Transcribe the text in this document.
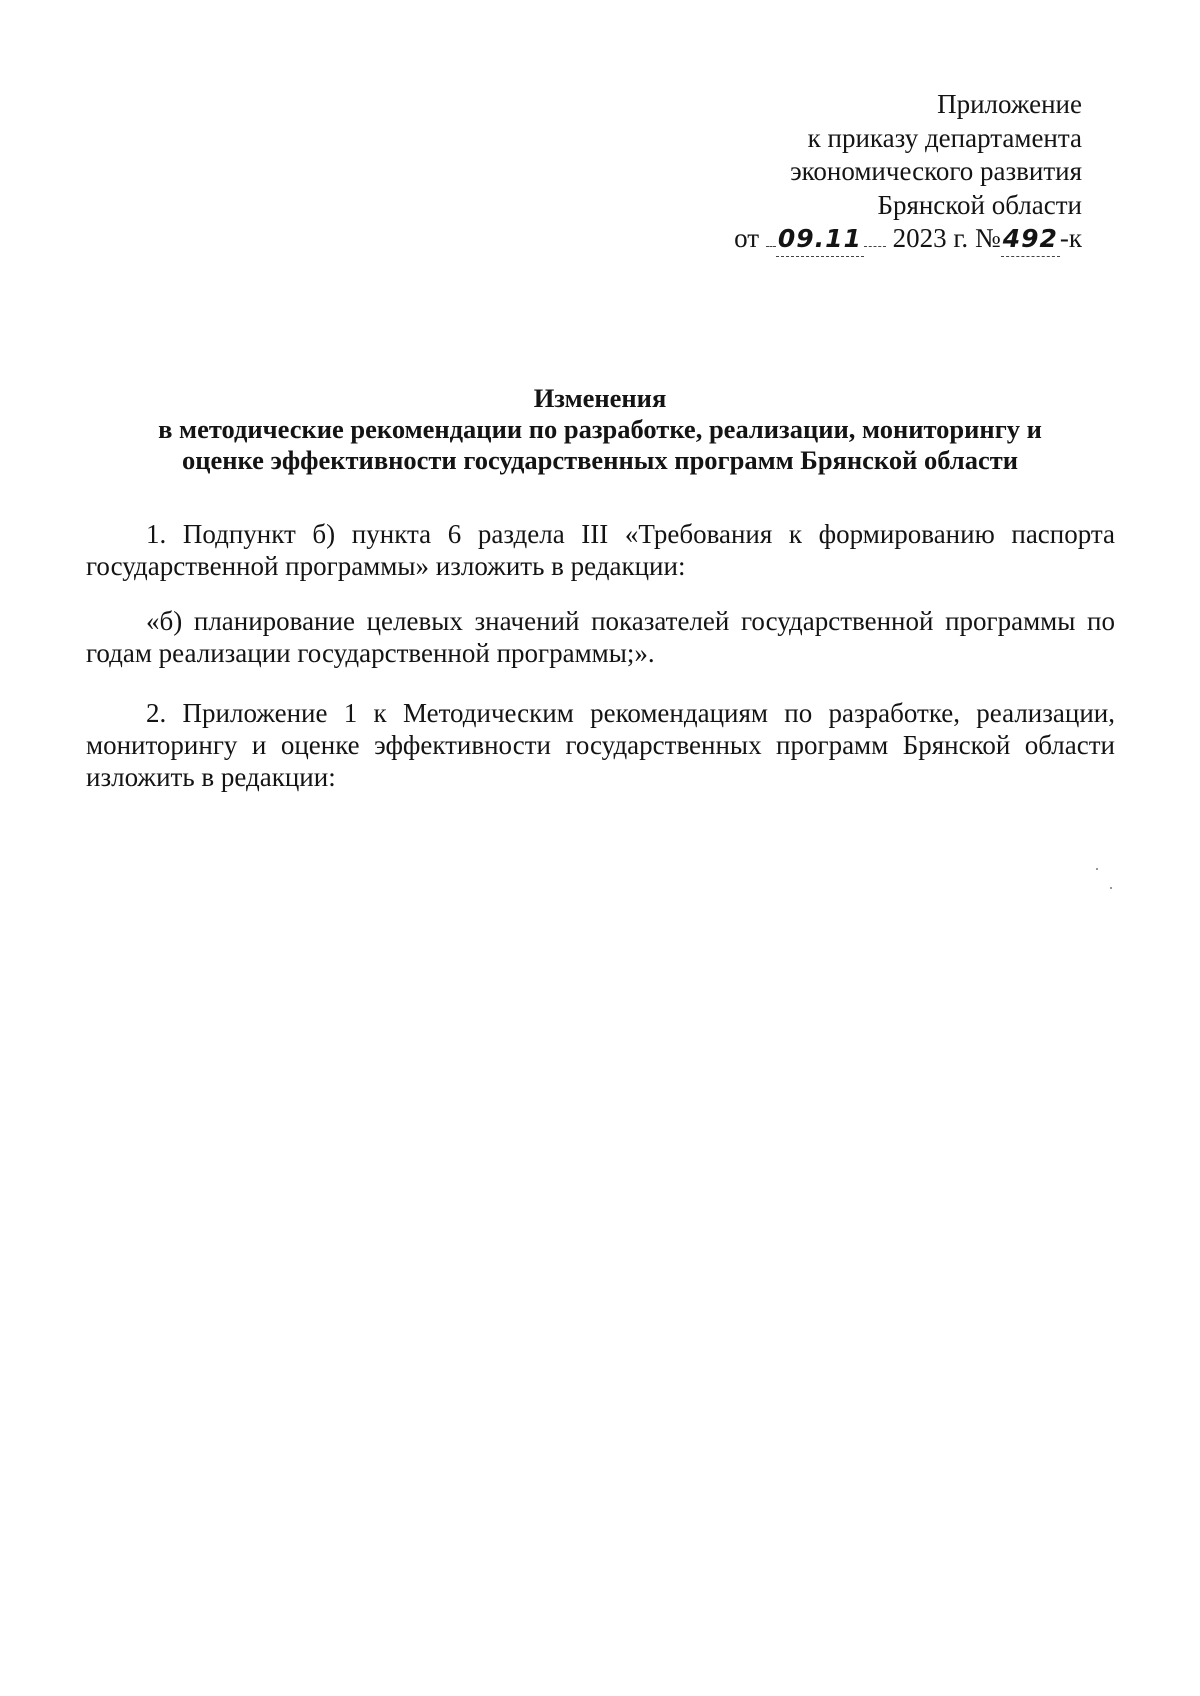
Приложение
к приказу департамента
экономического развития
Брянской области
от 09.11 2023 г. №492-к
Изменения
в методические рекомендации по разработке, реализации, мониторингу и
оценке эффективности государственных программ Брянской области

1. Подпункт б) пункта 6 раздела III «Требования к формированию паспорта государственной программы» изложить в редакции:

«б) планирование целевых значений показателей государственной программы по годам реализации государственной программы;».

2. Приложение 1 к Методическим рекомендациям по разработке, реализации, мониторингу и оценке эффективности государственных программ Брянской области изложить в редакции:
